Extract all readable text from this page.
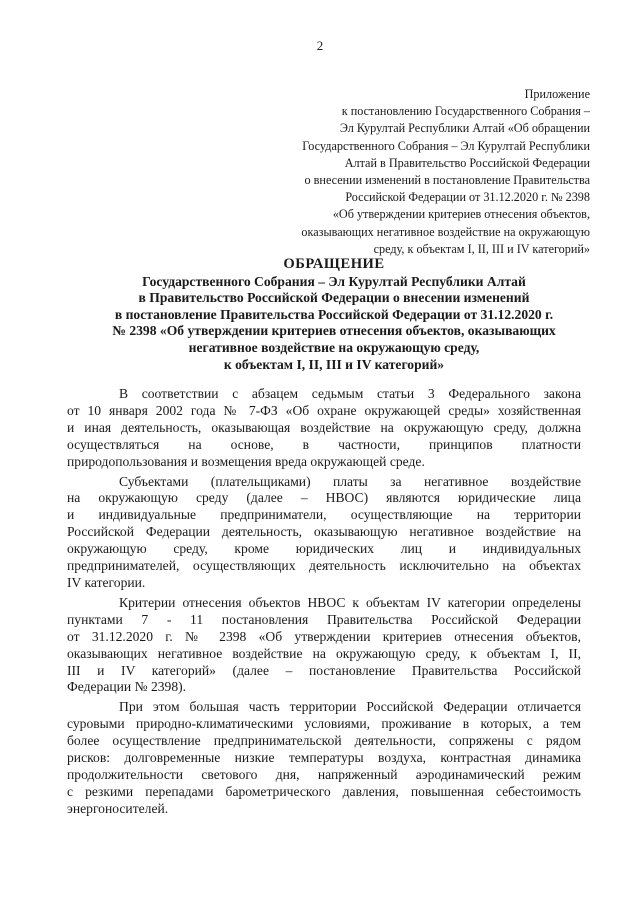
2
Приложение
к постановлению Государственного Собрания –
Эл Курултай Республики Алтай «Об обращении
Государственного Собрания – Эл Курултай Республики
Алтай в Правительство Российской Федерации
о внесении изменений в постановление Правительства
Российской Федерации от 31.12.2020 г. № 2398
«Об утверждении критериев отнесения объектов,
оказывающих негативное воздействие на окружающую
среду, к объектам I, II, III и IV категорий»
ОБРАЩЕНИЕ
Государственного Собрания – Эл Курултай Республики Алтай
в Правительство Российской Федерации о внесении изменений
в постановление Правительства Российской Федерации от 31.12.2020 г.
№ 2398 «Об утверждении критериев отнесения объектов, оказывающих
негативное воздействие на окружающую среду,
к объектам I, II, III и IV категорий»
В соответствии с абзацем седьмым статьи 3 Федерального закона
от 10 января 2002 года № 7-ФЗ «Об охране окружающей среды» хозяйственная
и иная деятельность, оказывающая воздействие на окружающую среду, должна
осуществляться на основе, в частности, принципов платности
природопользования и возмещения вреда окружающей среде.
Субъектами (плательщиками) платы за негативное воздействие
на окружающую среду (далее – НВОС) являются юридические лица
и индивидуальные предприниматели, осуществляющие на территории
Российской Федерации деятельность, оказывающую негативное воздействие на
окружающую среду, кроме юридических лиц и индивидуальных
предпринимателей, осуществляющих деятельность исключительно на объектах
IV категории.
Критерии отнесения объектов НВОС к объектам IV категории определены
пунктами 7 - 11 постановления Правительства Российской Федерации
от 31.12.2020 г. № 2398 «Об утверждении критериев отнесения объектов,
оказывающих негативное воздействие на окружающую среду, к объектам I, II,
III и IV категорий» (далее – постановление Правительства Российской
Федерации № 2398).
При этом большая часть территории Российской Федерации отличается
суровыми природно-климатическими условиями, проживание в которых, а тем
более осуществление предпринимательской деятельности, сопряжены с рядом
рисков: долговременные низкие температуры воздуха, контрастная динамика
продолжительности светового дня, напряженный аэродинамический режим
с резкими перепадами барометрического давления, повышенная себестоимость
энергоносителей.
